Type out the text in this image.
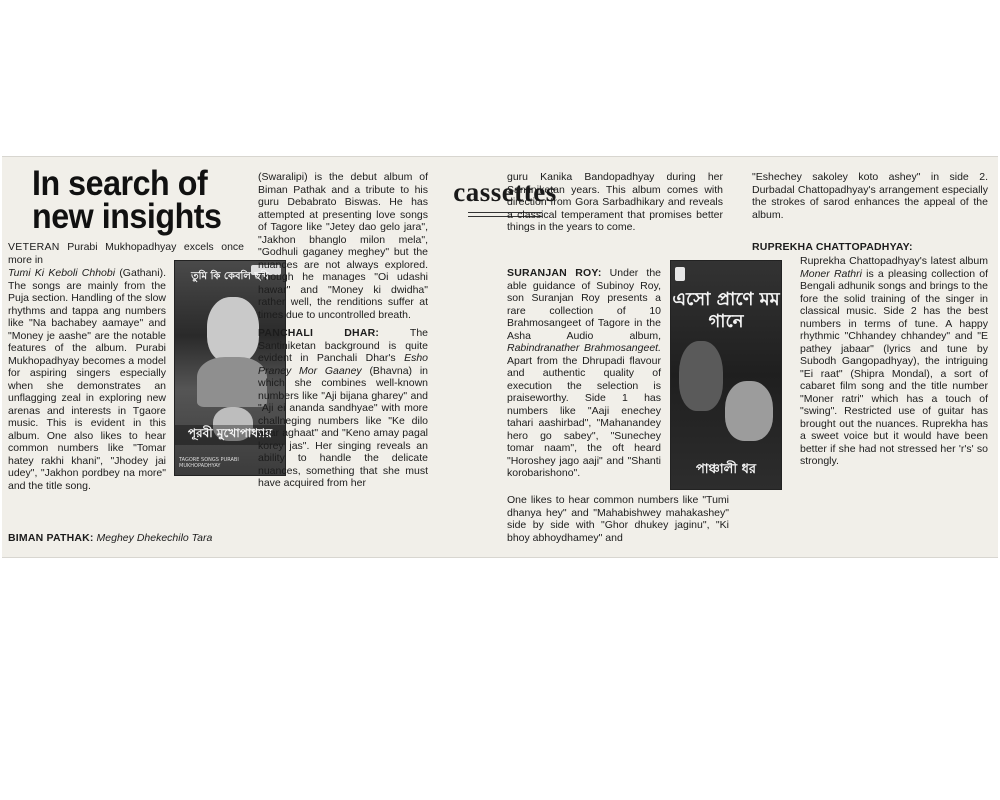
In search of
new insights
cassettes
VETERAN Purabi Mukhopadhyay excels once more in
তুমি কি কেবলি ছবি
পূরবী মুখোপাধ্যায়
TAGORE SONGS PURABI MUKHOPADHYAY
Tumi Ki Keboli Chhobi (Gathani). The songs are mainly from the Puja section. Handling of the slow rhythms and tappa ang numbers like "Na bachabey aamaye" and "Money je aashe" are the notable features of the album. Purabi Mukhopadhyay becomes a model for aspiring singers especially when she demonstrates an unflagging zeal in exploring new arenas and interests in Tgaore music. This is evident in this album. One also likes to hear common numbers like "Tomar hatey rakhi khani", "Jhodey jai udey", "Jakhon pordbey na more" and the title song.
BIMAN PATHAK: Meghey Dhekechilo Tara

(Swaralipi) is the debut album of Biman Pathak and a tribute to his guru Debabrato Biswas. He has attempted at presenting love songs of Tagore like "Jetey dao gelo jara", "Jakhon bhanglo milon mela", "Godhuli gaganey meghey" but the nuances are not always explored. Though he manages "Oi udashi hawar" and "Money ki dwidha" rather well, the renditions suffer at times due to uncontrolled breath.

PANCHALI DHAR: The Santiniketan background is quite evident in Panchali Dhar's Esho Praney Mor Gaaney (Bhavna) in which she combines well-known numbers like "Aji bijana gharey" and "Aji ei ananda sandhyae" with more challneging numbers like "Ke dilo abar aghaat" and "Keno amay pagal korey jas". Her singing reveals an ability to handle the delicate nuances, something that she must have acquired from her

guru Kanika Bandopadhyay during her Santiniketan years. This album comes with direction from Gora Sarbadhikary and reveals a classical temperament that promises better things in the years to come.

এসো প্রাণে মম গানে
পাঞ্চালী ধর

SURANJAN ROY: Under the able guidance of Subinoy Roy, son Suranjan Roy presents a rare collection of 10 Brahmosangeet of Tagore in the Asha Audio album, Rabindranather Brahmosangeet. Apart from the Dhrupadi flavour and authentic quality of execution the selection is praiseworthy. Side 1 has numbers like "Aaji enechey tahari aashirbad", "Mahanandey hero go sabey", "Sunechey tomar naam", the oft heard "Horoshey jago aaji" and "Shanti korobarishono".

One likes to hear common numbers like "Tumi dhanya hey" and "Mahabishwey mahakashey" side by side with "Ghor dhukey jaginu", "Ki bhoy abhoydhamey" and

"Eshechey sakoley koto ashey" in side 2. Durbadal Chattopadhyay's arrangement especially the strokes of sarod enhances the appeal of the album.

RUPREKHA CHATTOPADHYAY:
Ruprekha Chattopadhyay's latest album Moner Rathri is a pleasing collection of Bengali adhunik songs and brings to the fore the solid training of the singer in classical music. Side 2 has the best numbers in terms of tune. A happy rhythmic "Chhandey chhandey" and "E pathey jabaar" (lyrics and tune by Subodh Gangopadhyay), the intriguing "Ei raat" (Shipra Mondal), a sort of cabaret film song and the title number "Moner ratri" which has a touch of "swing". Restricted use of guitar has brought out the nuances. Ruprekha has a sweet voice but it would have been better if she had not stressed her 'r's' so strongly.
